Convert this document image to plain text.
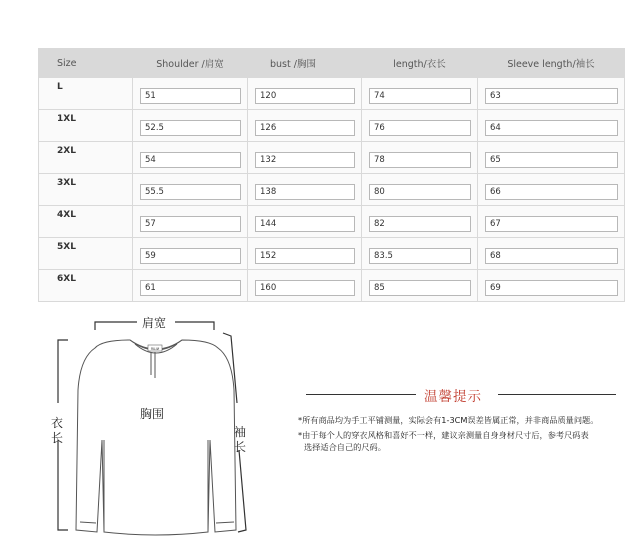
Size	Shoulder /肩宽	bust /胸围	length/衣长	Sleeve length/袖长
L	51	120	74	63

1XL	52.5	126	76	64

2XL	54	132	78	65

3XL	55.5	138	80	66

4XL	57	144	82	67

5XL	59	152	83.5	68

6XL	61	160	85	69
ЯШИ
肩宽
胸围
衣长	袖长
温馨提示

*所有商品均为手工平铺测量，实际会有1-3CM误差皆属正常，并非商品质量问题。

*由于每个人的穿衣风格和喜好不一样，建议亲测量自身身材尺寸后，参考尺码表

选择适合自己的尺码。
